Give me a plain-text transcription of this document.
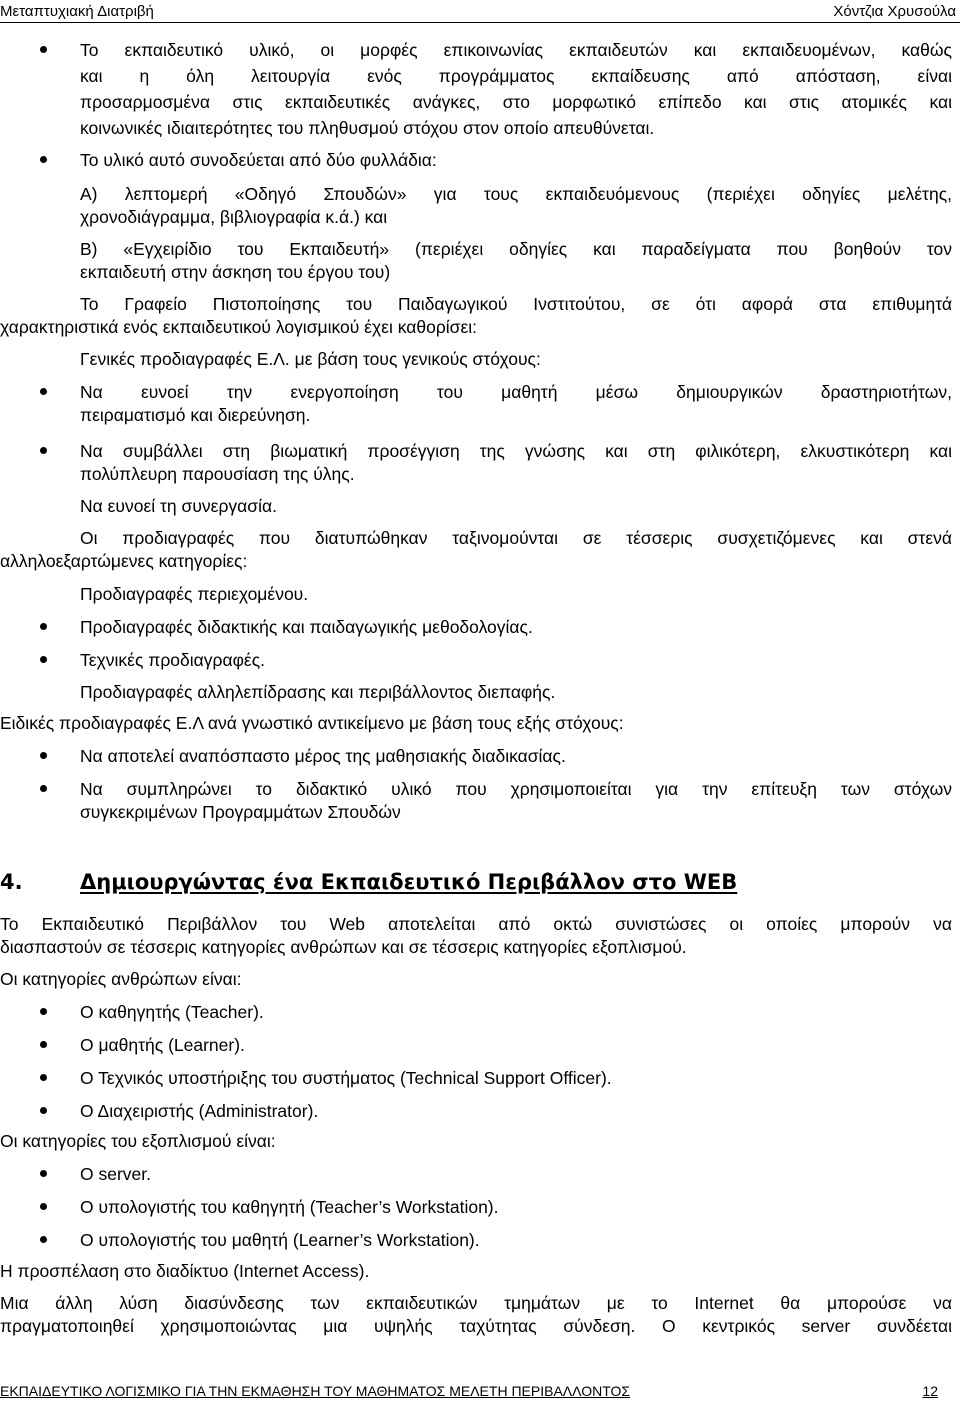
Μεταπτυχιακή Διατριβή	Χόντζια Χρυσούλα
Το εκπαιδευτικό υλικό, οι μορφές επικοινωνίας εκπαιδευτών και εκπαιδευομένων, καθώς
και η όλη λειτουργία ενός προγράμματος εκπαίδευσης από απόσταση, είναι
προσαρμοσμένα στις εκπαιδευτικές ανάγκες, στο μορφωτικό επίπεδο και στις ατομικές και
κοινωνικές ιδιαιτερότητες του πληθυσμού στόχου στον οποίο απευθύνεται.
Το υλικό αυτό συνοδεύεται από δύο φυλλάδια:
Α) λεπτομερή «Οδηγό Σπουδών» για τους εκπαιδευόμενους (περιέχει οδηγίες μελέτης,
χρονοδιάγραμμα, βιβλιογραφία κ.ά.) και
Β) «Εγχειρίδιο του Εκπαιδευτή» (περιέχει οδηγίες και παραδείγματα που βοηθούν τον
εκπαιδευτή στην άσκηση του έργου του)
Το Γραφείο Πιστοποίησης του Παιδαγωγικού Ινστιτούτου, σε ότι αφορά στα επιθυμητά
χαρακτηριστικά ενός εκπαιδευτικού λογισμικού έχει καθορίσει:
Γενικές προδιαγραφές Ε.Λ. με βάση τους γενικούς στόχους:
Να ευνοεί την ενεργοποίηση του μαθητή μέσω δημιουργικών δραστηριοτήτων,
πειραματισμό και διερεύνηση.
Να συμβάλλει στη βιωματική προσέγγιση της γνώσης και στη φιλικότερη, ελκυστικότερη και
πολύπλευρη παρουσίαση της ύλης.
Να ευνοεί τη συνεργασία.
Οι προδιαγραφές που διατυπώθηκαν ταξινομούνται σε τέσσερις συσχετιζόμενες και στενά
αλληλοεξαρτώμενες κατηγορίες:
Προδιαγραφές περιεχομένου.
Προδιαγραφές διδακτικής και παιδαγωγικής μεθοδολογίας.
Τεχνικές προδιαγραφές.
Προδιαγραφές αλληλεπίδρασης και περιβάλλοντος διεπαφής.
Ειδικές προδιαγραφές Ε.Λ ανά γνωστικό αντικείμενο με βάση τους εξής στόχους:
Να αποτελεί αναπόσπαστο μέρος της μαθησιακής διαδικασίας.
Να συμπληρώνει το διδακτικό υλικό που χρησιμοποιείται για την επίτευξη των στόχων
συγκεκριμένων Προγραμμάτων Σπουδών
4.	Δημιουργώντας ένα Εκπαιδευτικό Περιβάλλον στο WEB
Το Εκπαιδευτικό Περιβάλλον του Web αποτελείται από οκτώ συνιστώσες οι οποίες μπορούν να
διασπαστούν σε τέσσερις κατηγορίες ανθρώπων και σε τέσσερις κατηγορίες εξοπλισμού.
Οι κατηγορίες ανθρώπων είναι:
Ο καθηγητής (Teacher).
Ο μαθητής (Learner).
Ο Τεχνικός υποστήριξης του συστήματος (Technical Support Officer).
Ο Διαχειριστής (Administrator).
Οι κατηγορίες του εξοπλισμού είναι:
O server.
Ο υπολογιστής του καθηγητή (Teacher’s Workstation).
Ο υπολογιστής του μαθητή (Learner’s Workstation).
Η προσπέλαση στο διαδίκτυο (Internet Access).
Μια άλλη λύση διασύνδεσης των εκπαιδευτικών τμημάτων με το Internet θα μπορούσε να
πραγματοποιηθεί χρησιμοποιώντας μια υψηλής ταχύτητας σύνδεση. Ο κεντρικός server συνδέεται
ΕΚΠΑΙΔΕΥΤΙΚΟ ΛΟΓΙΣΜΙΚΟ ΓΙΑ ΤΗΝ ΕΚΜΑΘΗΣΗ ΤΟΥ ΜΑΘΗΜΑΤΟΣ ΜΕΛΕΤΗ ΠΕΡΙΒΑΛΛΟΝΤΟΣ	12
